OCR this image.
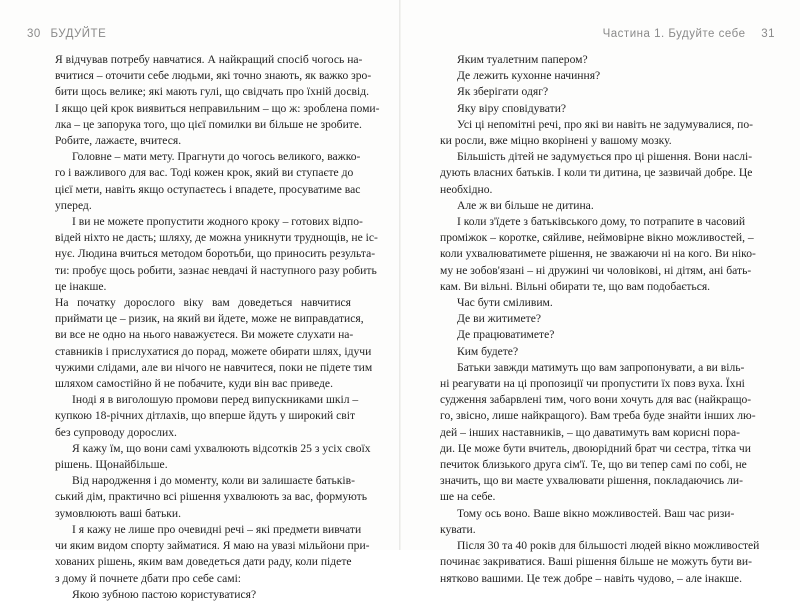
30 БУДУЙТЕ	Частина 1. Будуйте себе 31
Я відчував потребу навчатися. А найкращий спосіб чогось на-
вчитися – оточити себе людьми, які точно знають, як важко зро-
бити щось велике; які мають гулі, що свідчать про їхній досвід.
І якщо цей крок виявиться неправильним – що ж: зроблена поми-
лка – це запорука того, що цієї помилки ви більше не зробите.
Робите, лажаєте, вчитеся.
Головне – мати мету. Прагнути до чогось великого, важко-
го і важливого для вас. Тоді кожен крок, який ви ступаєте до
цієї мети, навіть якщо оступаєтесь і впадете, просуватиме вас
уперед.
І ви не можете пропустити жодного кроку – готових відпо-
відей ніхто не дасть; шляху, де можна уникнути труднощів, не іс-
нує. Людина вчиться методом боротьби, що приносить результа-
ти: пробує щось робити, зазнає невдачі й наступного разу робить
це інакше.
На початку дорослого віку вам доведеться навчитися
приймати це – ризик, на який ви йдете, може не виправдатися,
ви все не одно на нього наважуєтеся. Ви можете слухати на-
ставників і прислухатися до порад, можете обирати шлях, ідучи
чужими слідами, але ви нічого не навчитеся, поки не підете тим
шляхом самостійно й не побачите, куди він вас приведе.
Іноді я в виголошую промови перед випускниками шкіл –
купкою 18-річних дітлахів, що вперше йдуть у широкий світ
без супроводу дорослих.
Я кажу їм, що вони самі ухвалюють відсотків 25 з усіх своїх
рішень. Щонайбільше.
Від народження і до моменту, коли ви залишаєте батьків-
ський дім, практично всі рішення ухвалюють за вас, формують
зумовлюють ваші батьки.
І я кажу не лише про очевидні речі – які предмети вивчати
чи яким видом спорту займатися. Я маю на увазі мільйони при-
хованих рішень, яким вам доведеться дати раду, коли підете
з дому й почнете дбати про себе самі:
Якою зубною пастою користуватися?
Яким туалетним папером?
Де лежить кухонне начиння?
Як зберігати одяг?
Яку віру сповідувати?
Усі ці непомітні речі, про які ви навіть не задумувалися, по-
ки росли, вже міцно вкорінені у вашому мозку.
Більшість дітей не задумується про ці рішення. Вони наслі-
дують власних батьків. І коли ти дитина, це зазвичай добре. Це
необхідно.
Але ж ви більше не дитина.
І коли з'їдете з батьківського дому, то потрапите в часовий
проміжок – коротке, сяйливе, неймовірне вікно можливостей, –
коли ухвалюватимете рішення, не зважаючи ні на кого. Ви ніко-
му не зобов'язані – ні дружині чи чоловікові, ні дітям, ані бать-
кам. Ви вільні. Вільні обирати те, що вам подобається.
Час бути сміливим.
Де ви житимете?
Де працюватимете?
Ким будете?
Батьки завжди матимуть що вам запропонувати, а ви віль-
ні реагувати на ці пропозиції чи пропустити їх повз вуха. Їхні
судження забарвлені тим, чого вони хочуть для вас (найкращо-
го, звісно, лише найкращого). Вам треба буде знайти інших лю-
дей – інших наставників, – що даватимуть вам корисні пора-
ди. Це може бути вчитель, двоюрідний брат чи сестра, тітка чи
печиток близького друга сім'ї. Те, що ви тепер самі по собі, не
значить, що ви маєте ухвалювати рішення, покладаючись ли-
ше на себе.
Тому ось воно. Ваше вікно можливостей. Ваш час ризи-
кувати.
Після 30 та 40 років для більшості людей вікно можливостей
починає закриватися. Ваші рішення більше не можуть бути ви-
нятково вашими. Це теж добре – навіть чудово, – але інакше.
